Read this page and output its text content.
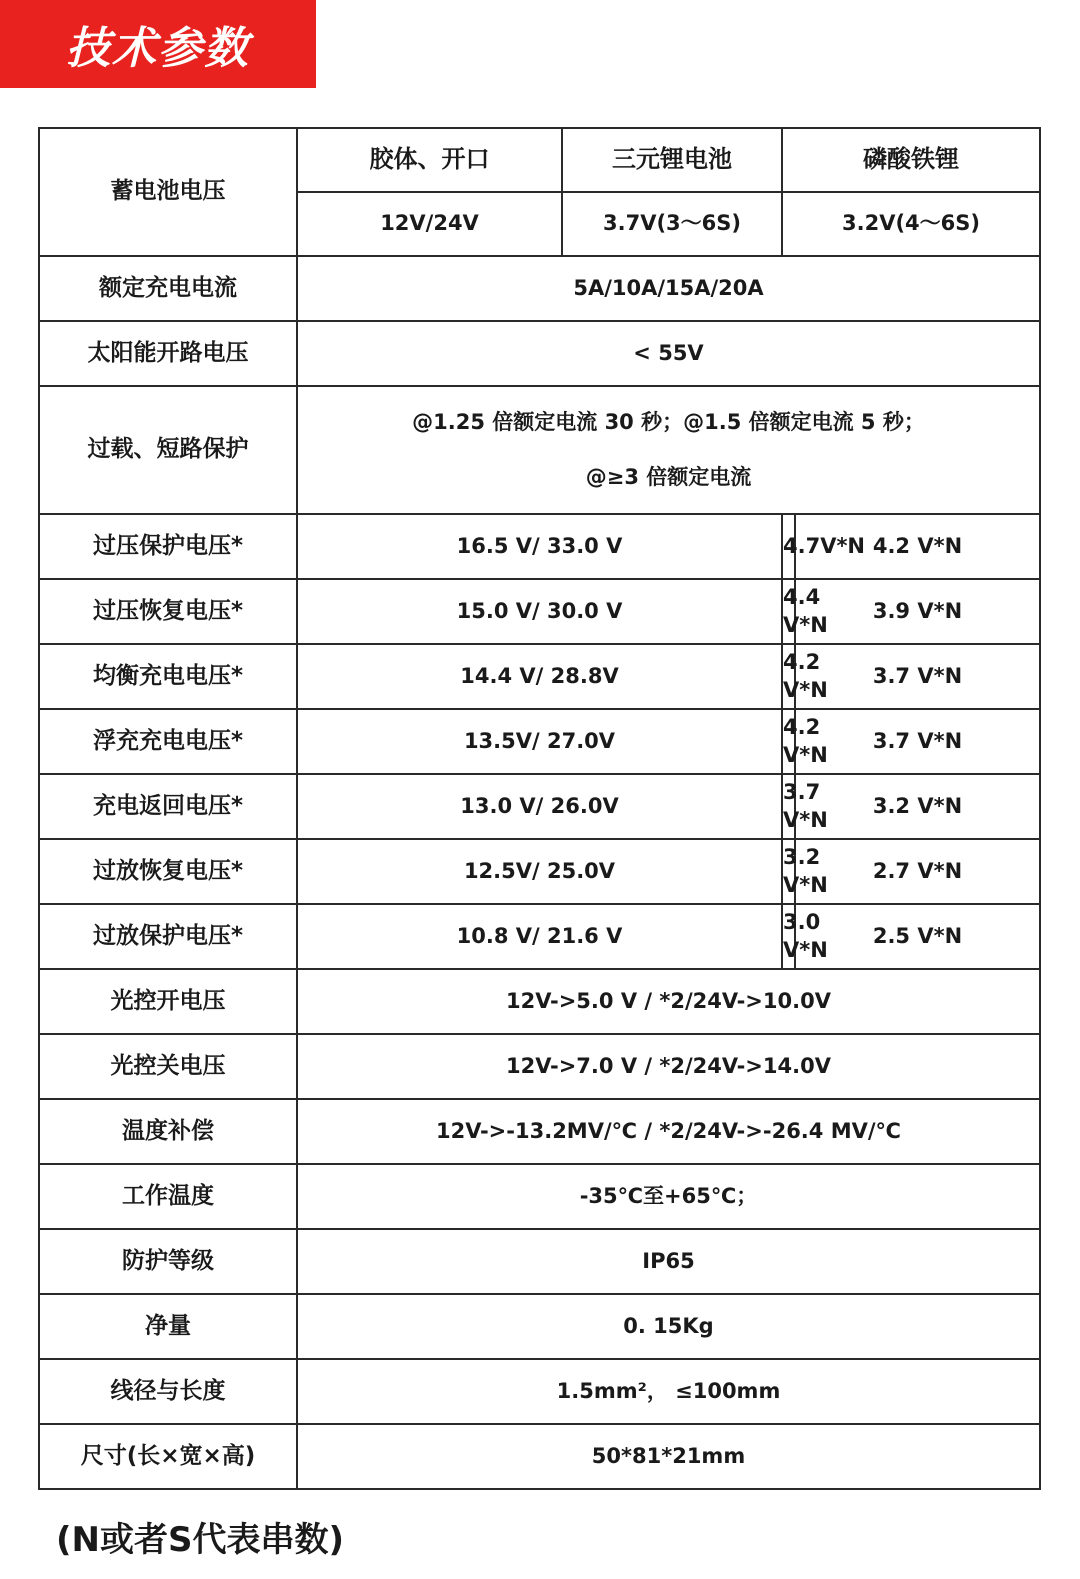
技术参数
蓄电池电压	胶体、开口	三元锂电池	磷酸铁锂	
	12V/24V	3.7V(3～6S)	3.2V(4～6S)	
额定充电电流	5A/10A/15A/20A			
太阳能开路电压	< 55V			
过载、短路保护	@1.25 倍额定电流 30 秒；@1.5 倍额定电流 5 秒；
@≥3 倍额定电流			

过压保护电压*	16.5 V/ 33.0 V		4.7V*N	4.2 V*N
过压恢复电压*	15.0 V/ 30.0 V		4.4 V*N	3.9 V*N
均衡充电电压*	14.4 V/ 28.8V		4.2 V*N	3.7 V*N
浮充充电电压*	13.5V/ 27.0V		4.2 V*N	3.7 V*N
充电返回电压*	13.0 V/ 26.0V		3.7 V*N	3.2 V*N
过放恢复电压*	12.5V/ 25.0V		3.2 V*N	2.7 V*N
过放保护电压*	10.8 V/ 21.6 V		3.0 V*N	2.5 V*N
光控开电压	12V->5.0 V / *2/24V->10.0V			
光控关电压	12V->7.0 V / *2/24V->14.0V			
温度补偿	12V->-13.2MV/℃ / *2/24V->-26.4 MV/℃			
工作温度	-35℃至+65℃；			
防护等级	IP65			
净量	0. 15Kg			
线径与长度	1.5mm²， ≤100mm			
尺寸(长×宽×高)	50*81*21mm			
(N或者S代表串数)
